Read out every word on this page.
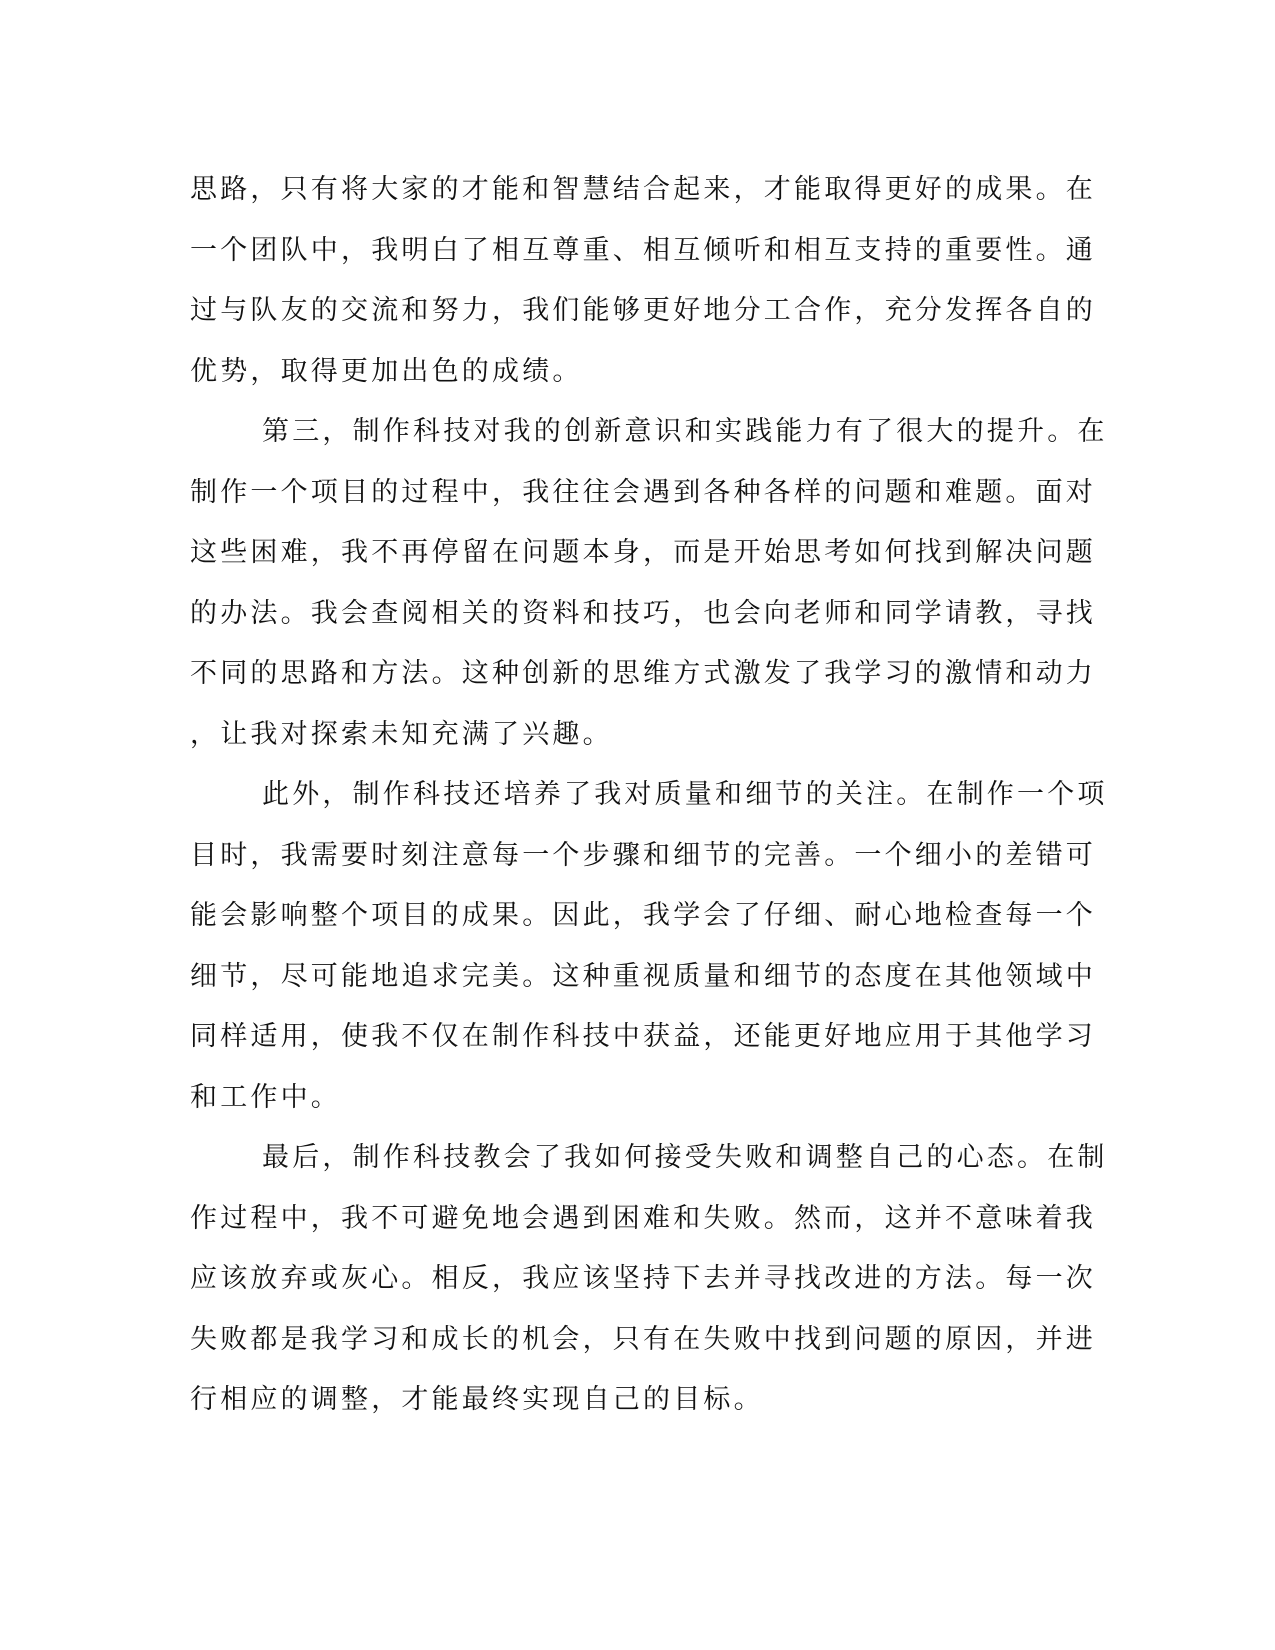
思路，只有将大家的才能和智慧结合起来，才能取得更好的成果。在
一个团队中，我明白了相互尊重、相互倾听和相互支持的重要性。通
过与队友的交流和努力，我们能够更好地分工合作，充分发挥各自的
优势，取得更加出色的成绩。
第三，制作科技对我的创新意识和实践能力有了很大的提升。在
制作一个项目的过程中，我往往会遇到各种各样的问题和难题。面对
这些困难，我不再停留在问题本身，而是开始思考如何找到解决问题
的办法。我会查阅相关的资料和技巧，也会向老师和同学请教，寻找
不同的思路和方法。这种创新的思维方式激发了我学习的激情和动力
，让我对探索未知充满了兴趣。
此外，制作科技还培养了我对质量和细节的关注。在制作一个项
目时，我需要时刻注意每一个步骤和细节的完善。一个细小的差错可
能会影响整个项目的成果。因此，我学会了仔细、耐心地检查每一个
细节，尽可能地追求完美。这种重视质量和细节的态度在其他领域中
同样适用，使我不仅在制作科技中获益，还能更好地应用于其他学习
和工作中。
最后，制作科技教会了我如何接受失败和调整自己的心态。在制
作过程中，我不可避免地会遇到困难和失败。然而，这并不意味着我
应该放弃或灰心。相反，我应该坚持下去并寻找改进的方法。每一次
失败都是我学习和成长的机会，只有在失败中找到问题的原因，并进
行相应的调整，才能最终实现自己的目标。
